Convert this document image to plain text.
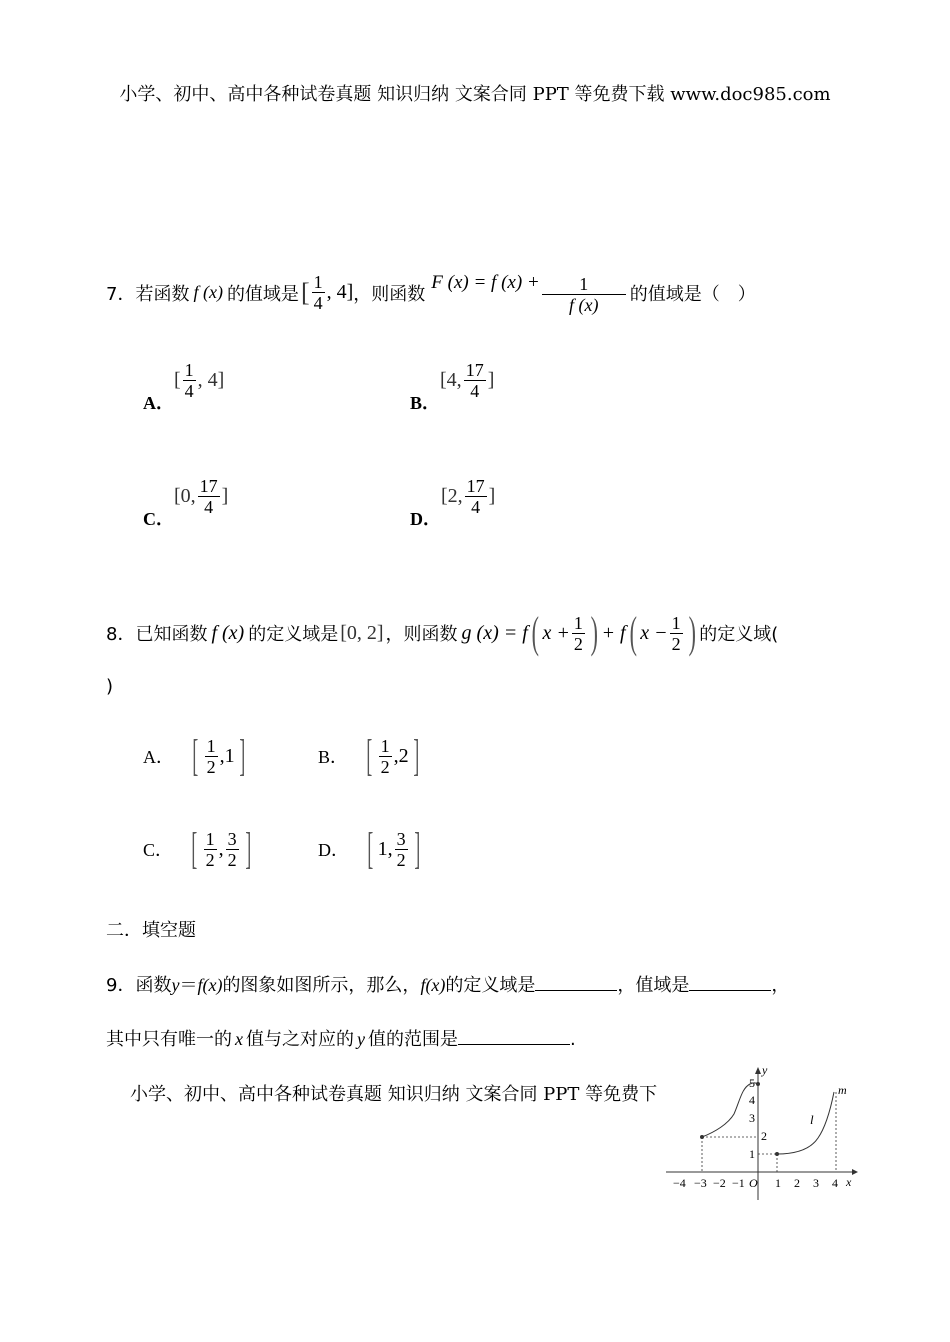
小学、初中、高中各种试卷真题 知识归纳 文案合同 PPT 等免费下载 www.doc985.com
7．若函数 f (x) 的值域是 [ $\frac{1}{4}$ , 4] ，则函数
F (x) = f $(x) + \frac{1}{f (x)}$ 的值域是（　）
A．
[ $\frac{1}{4}$ , 4]
B．
[4, $\frac{17}{4}$ ]
C．
[0, $\frac{17}{4}$ ]
D．
[2, $\frac{17}{4}$ ]
8．已知函数 f (x) 的定义域是 [0, 2] ，则函数 g (x) = f ( $x + \frac{1}{2}$ ) + f ( $x - \frac{1}{2}$ ) 的定义域(
)
A． [ $\frac{1}{2} ,1$ ]	B． [ $\frac{1}{2} ,2$ ]
C． [ $\frac{1}{2}$ , $\frac{3}{2}$ ]	D． [ 1, $\frac{3}{2}$ ]
二．填空题
9．函数y＝f(x)的图象如图所示，那么，f(x)的定义域是	，值域是	，
其中只有唯一的 x 值与之对应的 y 值的范围是	.
小学、初中、高中各种试卷真题 知识归纳 文案合同 PPT 等免费下
−4 −3 −2 −1 O 1 2 3 4 x
1
2
3
4
5
y
l
m
